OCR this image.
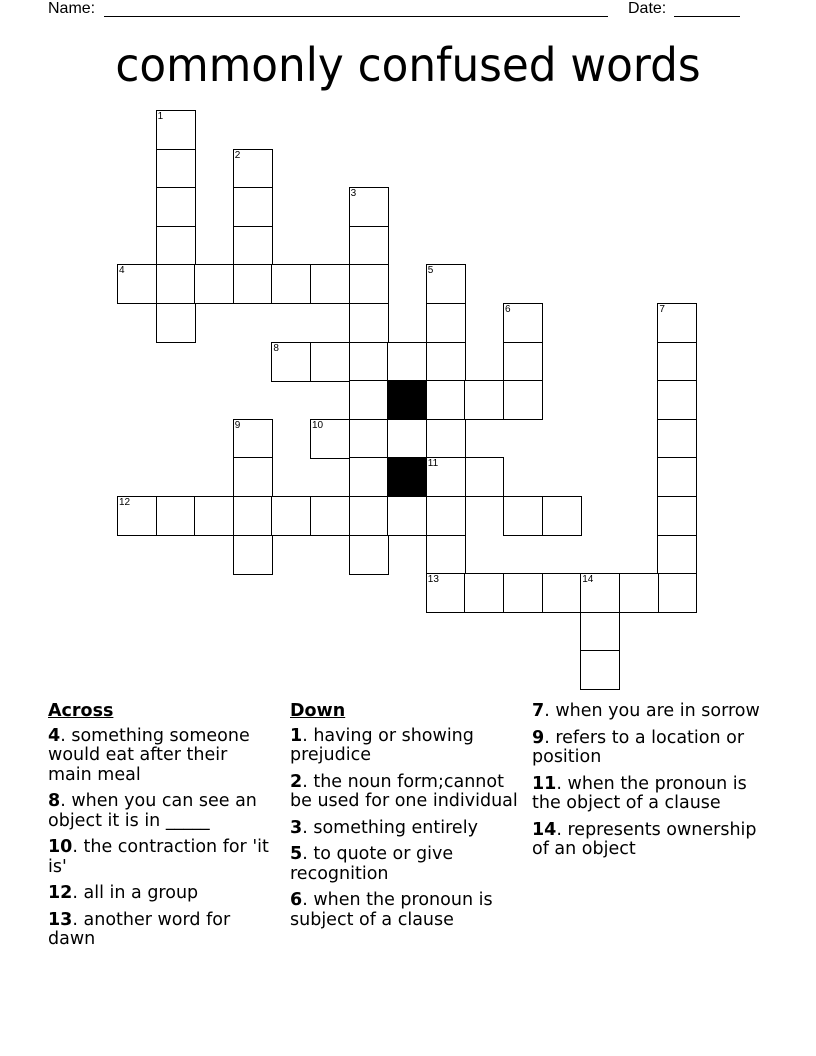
Name:	Date:
commonly confused words
1
2
3
4	5
6	7
8
9	10
11
13
12
14
Across
4. something someone would eat after their main meal
8. when you can see an object it is in _____
10. the contraction for 'it is'
12. all in a group
13. another word for dawn
Down
1. having or showing prejudice
2. the noun form;cannot be used for one individual
3. something entirely
5. to quote or give recognition
6. when the pronoun is subject of a clause
7. when you are in sorrow
9. refers to a location or position
11. when the pronoun is the object of a clause
14. represents ownership of an object
